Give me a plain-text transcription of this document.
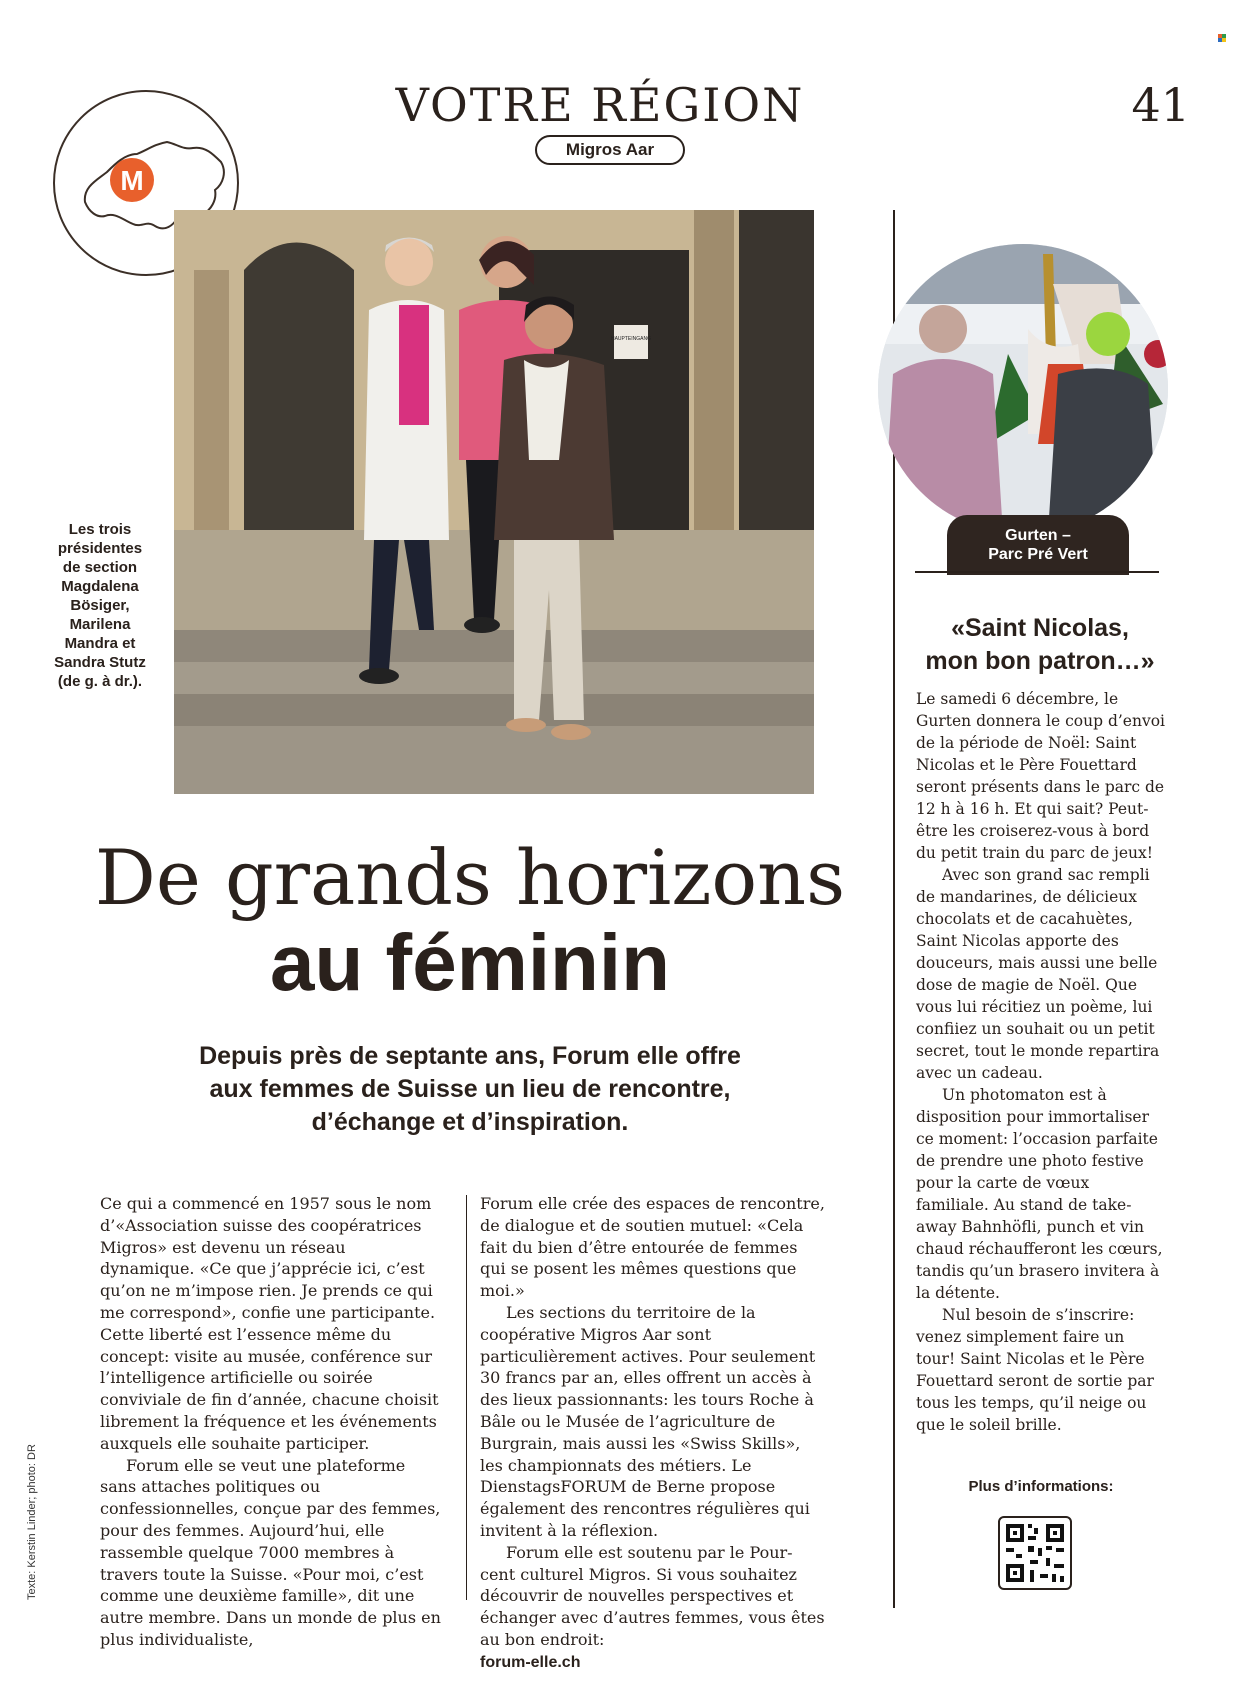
M
VOTRE RÉGION
Migros Aar
41
HAUPTEINGANG
Les trois
présidentes
de section
Magdalena
Bösiger,
Marilena
Mandra et
Sandra Stutz
(de g. à dr.).
Gurten –
Parc Pré Vert
«Saint Nicolas,
mon bon patron…»

Le samedi 6 décembre, le Gurten donnera le coup d’envoi de la période de Noël: Saint Nicolas et le Père Fouettard seront présents dans le parc de 12 h à 16 h. Et qui sait? Peut-être les croiserez-vous à bord du petit train du parc de jeux!

Avec son grand sac rempli de mandarines, de délicieux chocolats et de cacahuètes, Saint Nicolas apporte des douceurs, mais aussi une belle dose de magie de Noël. Que vous lui récitiez un poème, lui confiiez un souhait ou un petit secret, tout le monde repartira avec un cadeau.

Un photomaton est à disposition pour immortaliser ce moment: l’occasion parfaite de prendre une photo festive pour la carte de vœux familiale. Au stand de take-away Bahnhöfli, punch et vin chaud réchaufferont les cœurs, tandis qu’un brasero invitera à la détente.

Nul besoin de s’inscrire: venez simplement faire un tour! Saint Nicolas et le Père Fouettard seront de sortie par tous les temps, qu’il neige ou que le soleil brille.

Plus d’informations:
De grands horizons
au féminin
Depuis près de septante ans, Forum elle offre
aux femmes de Suisse un lieu de rencontre,
d’échange et d’inspiration.

Ce qui a commencé en 1957 sous le nom d’«Association suisse des coopératrices Migros» est devenu un réseau dynamique. «Ce que j’apprécie ici, c’est qu’on ne m’impose rien. Je prends ce qui me correspond», confie une participante. Cette liberté est l’essence même du concept: visite au musée, conférence sur l’intelligence artificielle ou soirée conviviale de fin d’année, chacune choisit librement la fréquence et les événements auxquels elle souhaite participer.

Forum elle se veut une plateforme sans attaches politiques ou confessionnelles, conçue par des femmes, pour des femmes. Aujourd’hui, elle rassemble quelque 7000 membres à travers toute la Suisse. «Pour moi, c’est comme une deuxième famille», dit une autre membre. Dans un monde de plus en plus individualiste,

Forum elle crée des espaces de rencontre, de dialogue et de soutien mutuel: «Cela fait du bien d’être entourée de femmes qui se posent les mêmes questions que moi.»

Les sections du territoire de la coopérative Migros Aar sont particulièrement actives. Pour seulement 30 francs par an, elles offrent un accès à des lieux passionnants: les tours Roche à Bâle ou le Musée de l’agriculture de Burgrain, mais aussi les «Swiss Skills», les championnats des métiers. Le DienstagsFORUM de Berne propose également des rencontres régulières qui invitent à la réflexion.

Forum elle est soutenu par le Pour-cent culturel Migros. Si vous souhaitez découvrir de nouvelles perspectives et échanger avec d’autres femmes, vous êtes au bon endroit:
forum-elle.ch

Texte: Kerstin Linder; photo: DR
